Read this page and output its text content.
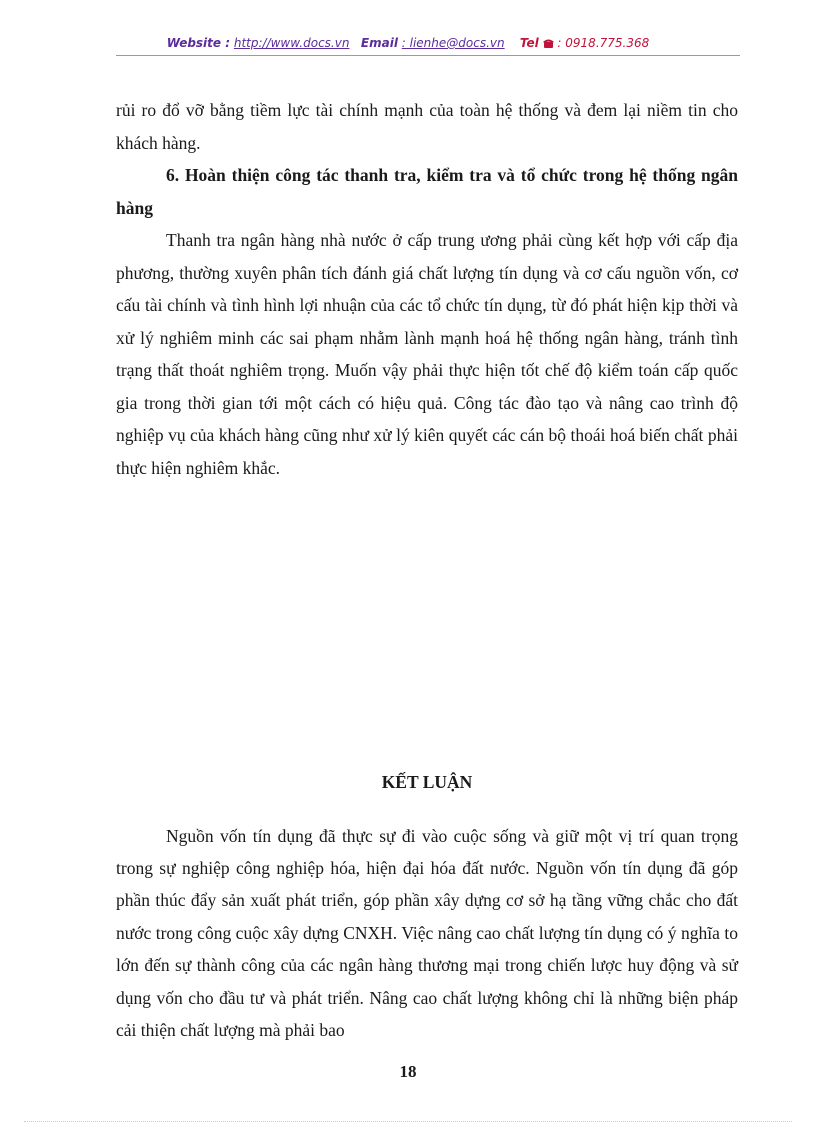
Website : http://www.docs.vn Email : lienhe@docs.vn Tel : 0918.775.368

rủi ro đổ vỡ bằng tiềm lực tài chính mạnh của toàn hệ thống và đem lại niềm tin cho khách hàng.

6. Hoàn thiện công tác thanh tra, kiểm tra và tổ chức trong hệ thống ngân hàng

Thanh tra ngân hàng nhà nước ở cấp trung ương phải cùng kết hợp với cấp địa phương, thường xuyên phân tích đánh giá chất lượng tín dụng và cơ cấu nguồn vốn, cơ cấu tài chính và tình hình lợi nhuận của các tổ chức tín dụng, từ đó phát hiện kịp thời và xử lý nghiêm minh các sai phạm nhằm lành mạnh hoá hệ thống ngân hàng, tránh tình trạng thất thoát nghiêm trọng. Muốn vậy phải thực hiện tốt chế độ kiểm toán cấp quốc gia trong thời gian tới một cách có hiệu quả. Công tác đào tạo và nâng cao trình độ nghiệp vụ của khách hàng cũng như xử lý kiên quyết các cán bộ thoái hoá biến chất phải thực hiện nghiêm khắc.

KẾT LUẬN

Nguồn vốn tín dụng đã thực sự đi vào cuộc sống và giữ một vị trí quan trọng trong sự nghiệp công nghiệp hóa, hiện đại hóa đất nước. Nguồn vốn tín dụng đã góp phần thúc đẩy sản xuất phát triển, góp phần xây dựng cơ sở hạ tầng vững chắc cho đất nước trong công cuộc xây dựng CNXH. Việc nâng cao chất lượng tín dụng có ý nghĩa to lớn đến sự thành công của các ngân hàng thương mại trong chiến lược huy động và sử dụng vốn cho đầu tư và phát triển. Nâng cao chất lượng không chỉ là những biện pháp cải thiện chất lượng mà phải bao

18
